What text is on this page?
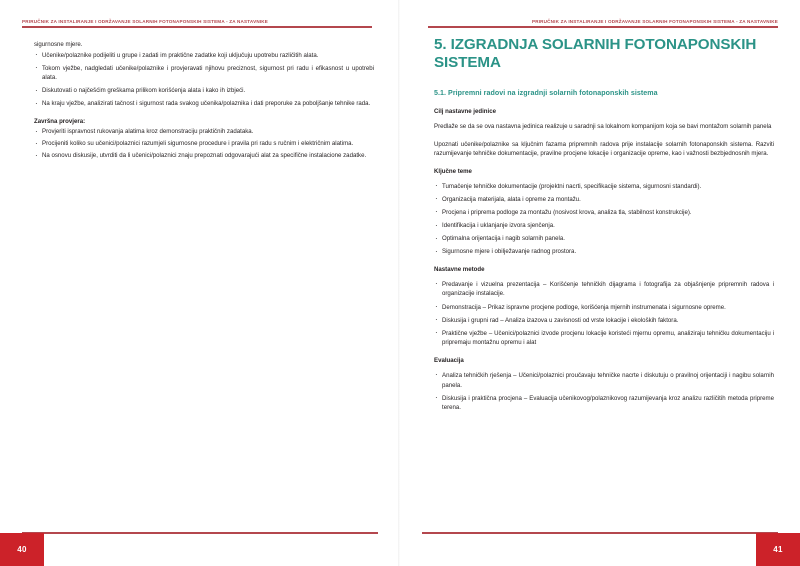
PRIRUČNIK ZA INSTALIRANJE I ODRŽAVANJE SOLARNIH FOTONAPONSKIH SISTEMA - ZA NASTAVNIKE

sigurnosne mjere.

· Učenike/polaznike podijeliti u grupe i zadati im praktične zadatke koji uključuju upotrebu različitih alata.
· Tokom vježbe, nadgledati učenike/polaznike i provjeravati njihovu preciznost, sigurnost pri radu i efikasnost u upotrebi alata.
· Diskutovati o najčešćim greškama prilikom korišćenja alata i kako ih izbjeći.
· Na kraju vježbe, analizirati tačnost i sigurnost rada svakog učenika/polaznika i dati preporuke za poboljšanje tehnike rada.
Završna provjera:
· Provjeriti ispravnost rukovanja alatima kroz demonstraciju praktičnih zadataka.
· Procijeniti koliko su učenici/polaznici razumjeli sigurnosne procedure i pravila pri radu s ručnim i električnim alatima.
· Na osnovu diskusije, utvrditi da li učenici/polaznici znaju prepoznati odgovarajući alat za specifične instalacione zadatke.
40
PRIRUČNIK ZA INSTALIRANJE I ODRŽAVANJE SOLARNIH FOTONAPONSKIH SISTEMA - ZA NASTAVNIKE
5. IZGRADNJA SOLARNIH FOTONAPONSKIH SISTEMA
5.1. Pripremni radovi na izgradnji solarnih fotonaponskih sistema
Cilj nastavne jedinice

Predlaže se da se ova nastavna jedinica realizuje u saradnji sa lokalnom kompanijom koja se bavi montažom solarnih panela

Upoznati učenike/polaznike sa ključnim fazama pripremnih radova prije instalacije solarnih fotonaponskih sistema. Razviti razumijevanje tehničke dokumentacije, pravilne procjene lokacije i organizacije opreme, kao i važnosti bezbjednosnih mjera.

Ključne teme
· Tumačenje tehničke dokumentacije (projektni nacrti, specifikacije sistema, sigurnosni standardi).
· Organizacija materijala, alata i opreme za montažu.
· Procjena i priprema podloge za montažu (nosivost krova, analiza tla, stabilnost konstrukcije).
· Identifikacija i uklanjanje izvora sjenčenja.
· Optimalna orijentacija i nagib solarnih panela.
· Sigurnosne mjere i obilježavanje radnog prostora.
Nastavne metode
· Predavanje i vizuelna prezentacija – Korišćenje tehničkih dijagrama i fotografija za objašnjenje pripremnih radova i organizacije instalacije.
· Demonstracija – Prikaz ispravne procjene podloge, korišćenja mjernih instrumenata i sigurnosne opreme.
· Diskusija i grupni rad – Analiza izazova u zavisnosti od vrste lokacije i ekoloških faktora.
· Praktične vježbe – Učenici/polaznici izvode procjenu lokacije koristeći mjernu opremu, analiziraju tehničku dokumentaciju i pripremaju montažnu opremu i alat
Evaluacija
· Analiza tehničkih rješenja – Učenici/polaznici proučavaju tehničke nacrte i diskutuju o pravilnoj orijentaciji i nagibu solarnih panela.
· Diskusija i praktična procjena – Evaluacija učenikovog/polaznikovog razumijevanja kroz analizu različitih metoda pripreme terena.
41
